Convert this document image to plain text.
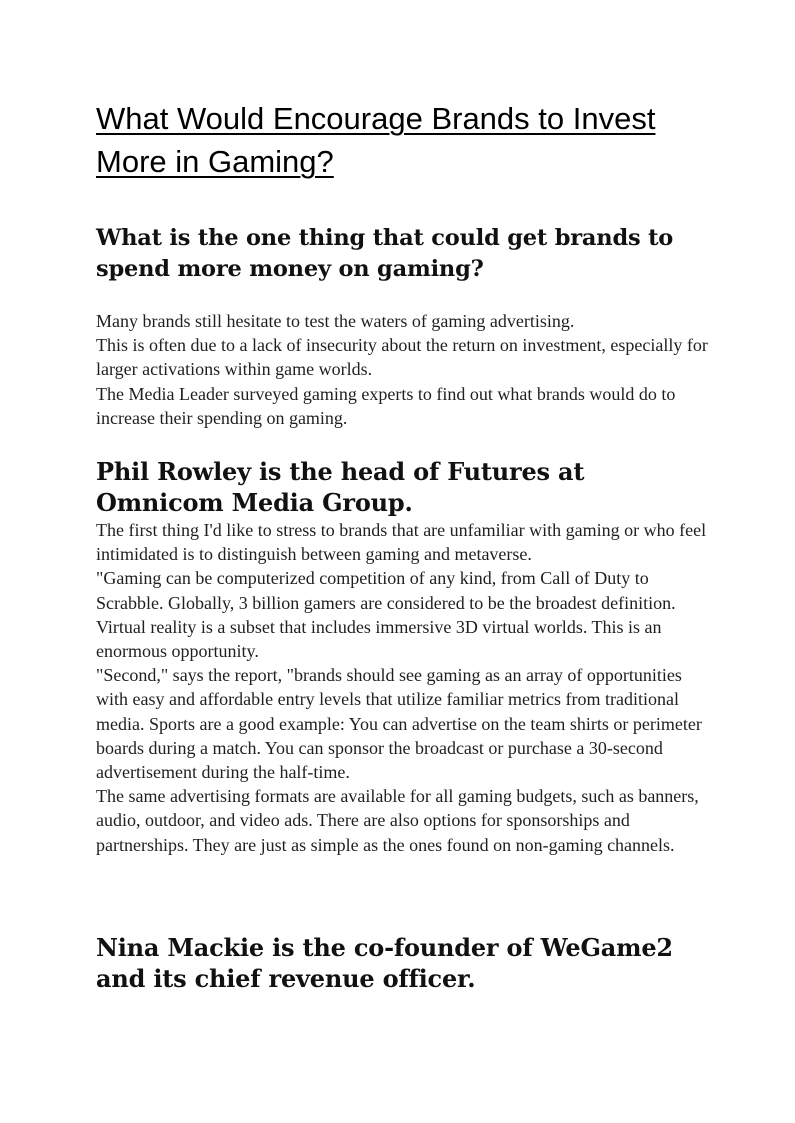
What Would Encourage Brands to Invest More in Gaming?
What is the one thing that could get brands to spend more money on gaming?

Many brands still hesitate to test the waters of gaming advertising.

This is often due to a lack of insecurity about the return on investment, especially for larger activations within game worlds.

The Media Leader surveyed gaming experts to find out what brands would do to increase their spending on gaming.

Phil Rowley is the head of Futures at Omnicom Media Group.

The first thing I'd like to stress to brands that are unfamiliar with gaming or who feel intimidated is to distinguish between gaming and metaverse.

"Gaming can be computerized competition of any kind, from Call of Duty to Scrabble. Globally, 3 billion gamers are considered to be the broadest definition. Virtual reality is a subset that includes immersive 3D virtual worlds. This is an enormous opportunity.

"Second," says the report, "brands should see gaming as an array of opportunities with easy and affordable entry levels that utilize familiar metrics from traditional media. Sports are a good example: You can advertise on the team shirts or perimeter boards during a match. You can sponsor the broadcast or purchase a 30-second advertisement during the half-time.

The same advertising formats are available for all gaming budgets, such as banners, audio, outdoor, and video ads. There are also options for sponsorships and partnerships. They are just as simple as the ones found on non-gaming channels.

Nina Mackie is the co-founder of WeGame2 and its chief revenue officer.
